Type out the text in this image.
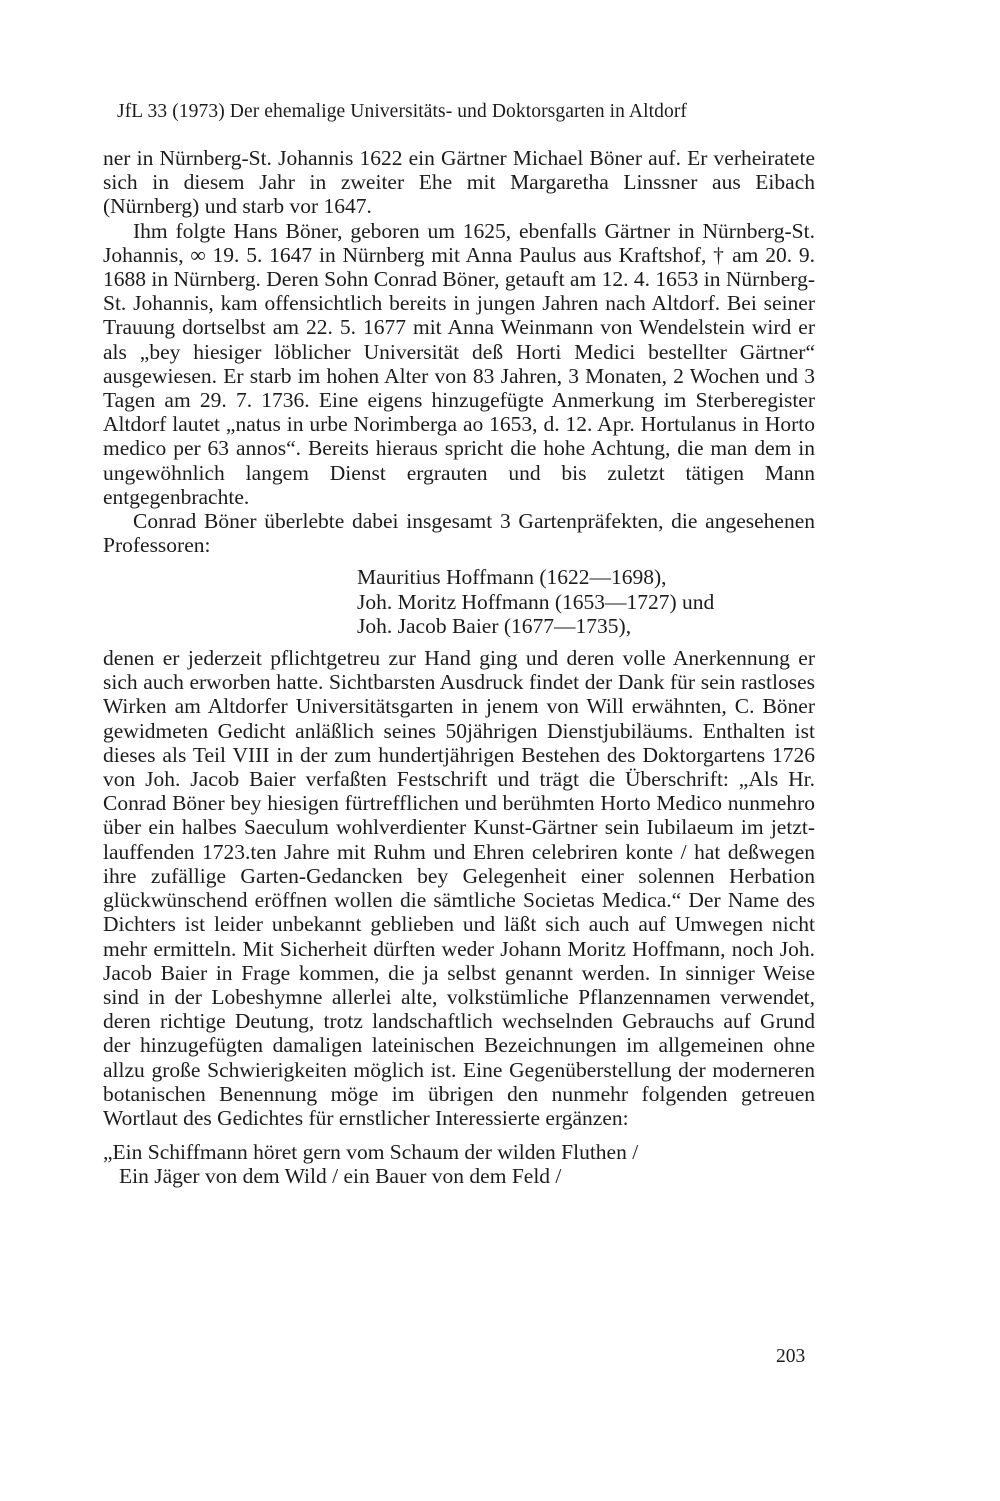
JfL 33 (1973) Der ehemalige Universitäts- und Doktorsgarten in Altdorf

ner in Nürnberg-St. Johannis 1622 ein Gärtner Michael Böner auf. Er verheiratete sich in diesem Jahr in zweiter Ehe mit Margaretha Linssner aus Eibach (Nürnberg) und starb vor 1647.

Ihm folgte Hans Böner, geboren um 1625, ebenfalls Gärtner in Nürnberg-St. Johannis, ∞ 19. 5. 1647 in Nürnberg mit Anna Paulus aus Kraftshof, † am 20. 9. 1688 in Nürnberg. Deren Sohn Conrad Böner, getauft am 12. 4. 1653 in Nürnberg-St. Johannis, kam offensichtlich bereits in jungen Jahren nach Altdorf. Bei seiner Trauung dortselbst am 22. 5. 1677 mit Anna Weinmann von Wendelstein wird er als „bey hiesiger löblicher Universität deß Horti Medici bestellter Gärtner“ ausgewiesen. Er starb im hohen Alter von 83 Jahren, 3 Monaten, 2 Wochen und 3 Tagen am 29. 7. 1736. Eine eigens hinzugefügte Anmerkung im Sterberegister Altdorf lautet „natus in urbe Norimberga ao 1653, d. 12. Apr. Hortulanus in Horto medico per 63 annos“. Bereits hieraus spricht die hohe Achtung, die man dem in ungewöhnlich langem Dienst ergrauten und bis zuletzt tätigen Mann entgegenbrachte.

Conrad Böner überlebte dabei insgesamt 3 Gartenpräfekten, die angesehenen Professoren:

Mauritius Hoffmann (1622—1698),
Joh. Moritz Hoffmann (1653—1727) und
Joh. Jacob Baier (1677—1735),

denen er jederzeit pflichtgetreu zur Hand ging und deren volle Anerkennung er sich auch erworben hatte. Sichtbarsten Ausdruck findet der Dank für sein rastloses Wirken am Altdorfer Universitätsgarten in jenem von Will erwähnten, C. Böner gewidmeten Gedicht anläßlich seines 50jährigen Dienstjubiläums. Enthalten ist dieses als Teil VIII in der zum hundertjährigen Bestehen des Doktorgartens 1726 von Joh. Jacob Baier verfaßten Festschrift und trägt die Überschrift: „Als Hr. Conrad Böner bey hiesigen fürtrefflichen und berühmten Horto Medico nunmehro über ein halbes Saeculum wohlverdienter Kunst-Gärtner sein Iubilaeum im jetzt-lauffenden 1723.ten Jahre mit Ruhm und Ehren celebriren konte / hat deßwegen ihre zufällige Garten-Gedancken bey Gelegenheit einer solennen Herbation glückwünschend eröffnen wollen die sämtliche Societas Medica.“ Der Name des Dichters ist leider unbekannt geblieben und läßt sich auch auf Umwegen nicht mehr ermitteln. Mit Sicherheit dürften weder Johann Moritz Hoffmann, noch Joh. Jacob Baier in Frage kommen, die ja selbst genannt werden. In sinniger Weise sind in der Lobeshymne allerlei alte, volkstümliche Pflanzennamen verwendet, deren richtige Deutung, trotz landschaftlich wechselnden Gebrauchs auf Grund der hinzugefügten damaligen lateinischen Bezeichnungen im allgemeinen ohne allzu große Schwierigkeiten möglich ist. Eine Gegenüberstellung der moderneren botanischen Benennung möge im übrigen den nunmehr folgenden getreuen Wortlaut des Gedichtes für ernstlicher Interessierte ergänzen:

„Ein Schiffmann höret gern vom Schaum der wilden Fluthen /
Ein Jäger von dem Wild / ein Bauer von dem Feld /
203
